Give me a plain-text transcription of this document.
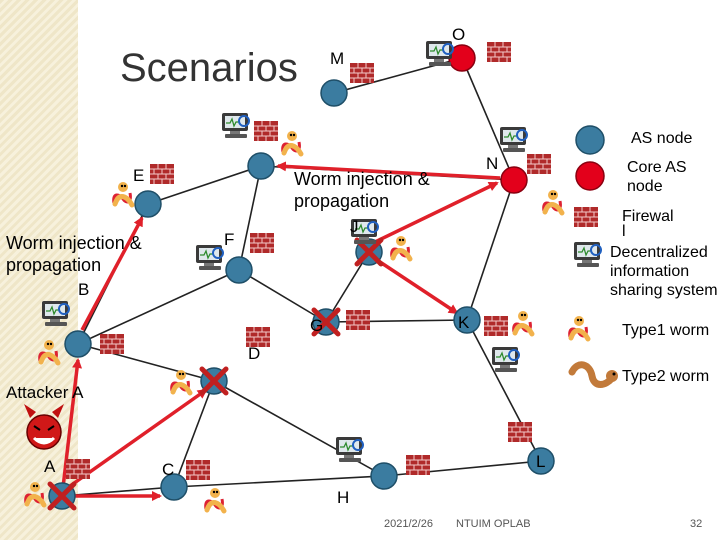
Scenarios M
O
E
N
J
F
B
G	K
D
A	C
H
L
Worm injection &
propagation
Worm injection &
propagation
Attacker A
AS node
Core AS
node
Firewal
l
Decentralized
information
sharing system
Type1 worm
Type2 worm
2021/2/26 NTUIM OPLAB	32
